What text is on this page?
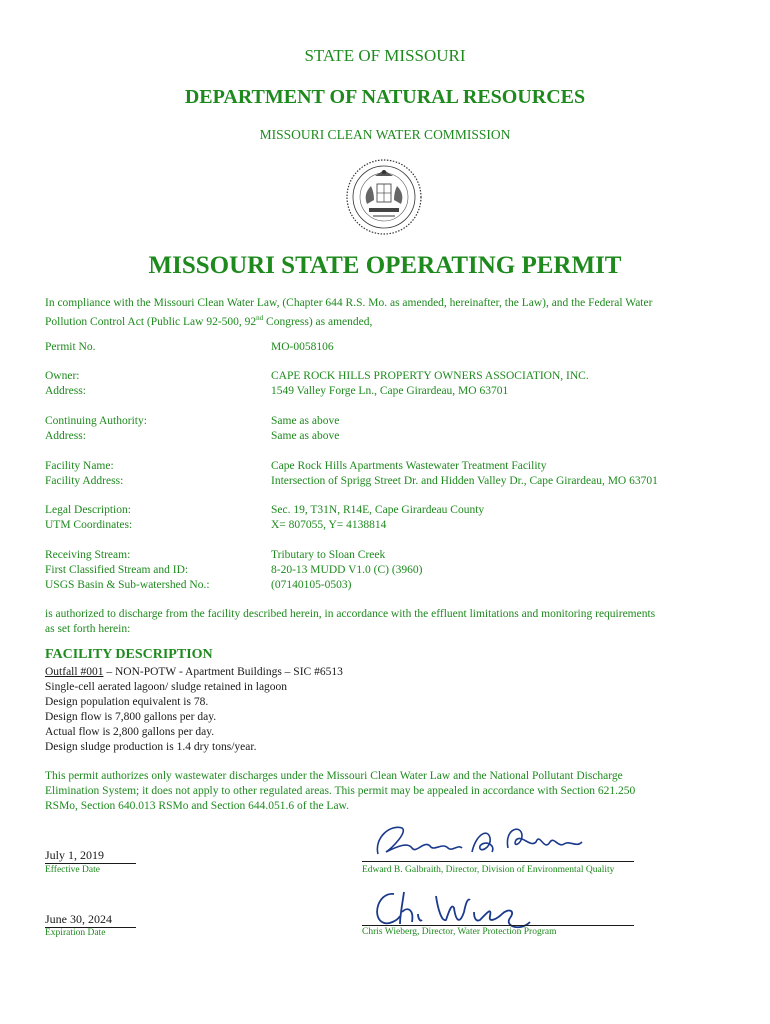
STATE OF MISSOURI
DEPARTMENT OF NATURAL RESOURCES
MISSOURI CLEAN WATER COMMISSION
MISSOURI STATE OPERATING PERMIT
In compliance with the Missouri Clean Water Law, (Chapter 644 R.S. Mo. as amended, hereinafter, the Law), and the Federal Water
Pollution Control Act (Public Law 92-500, 92nd Congress) as amended,
Permit No.	MO-0058106
Owner:	CAPE ROCK HILLS PROPERTY OWNERS ASSOCIATION, INC.
Address:	1549 Valley Forge Ln., Cape Girardeau, MO 63701
Continuing Authority:	Same as above
Address:	Same as above
Facility Name:	Cape Rock Hills Apartments Wastewater Treatment Facility
Facility Address:	Intersection of Sprigg Street Dr. and Hidden Valley Dr., Cape Girardeau, MO 63701
Legal Description:	Sec. 19, T31N, R14E, Cape Girardeau County
UTM Coordinates:	X= 807055, Y= 4138814
Receiving Stream:	Tributary to Sloan Creek
First Classified Stream and ID:	8-20-13 MUDD V1.0 (C) (3960)
USGS Basin & Sub-watershed No.:	(07140105-0503)
is authorized to discharge from the facility described herein, in accordance with the effluent limitations and monitoring requirements
as set forth herein:
FACILITY DESCRIPTION
Outfall #001 – NON-POTW - Apartment Buildings – SIC #6513
Single-cell aerated lagoon/ sludge retained in lagoon
Design population equivalent is 78.
Design flow is 7,800 gallons per day.
Actual flow is 2,800 gallons per day.
Design sludge production is 1.4 dry tons/year.
This permit authorizes only wastewater discharges under the Missouri Clean Water Law and the National Pollutant Discharge
Elimination System; it does not apply to other regulated areas. This permit may be appealed in accordance with Section 621.250
RSMo, Section 640.013 RSMo and Section 644.051.6 of the Law.
July 1, 2019
Effective Date	Edward B. Galbraith, Director, Division of Environmental Quality
June 30, 2024
Expiration Date	Chris Wieberg, Director, Water Protection Program
